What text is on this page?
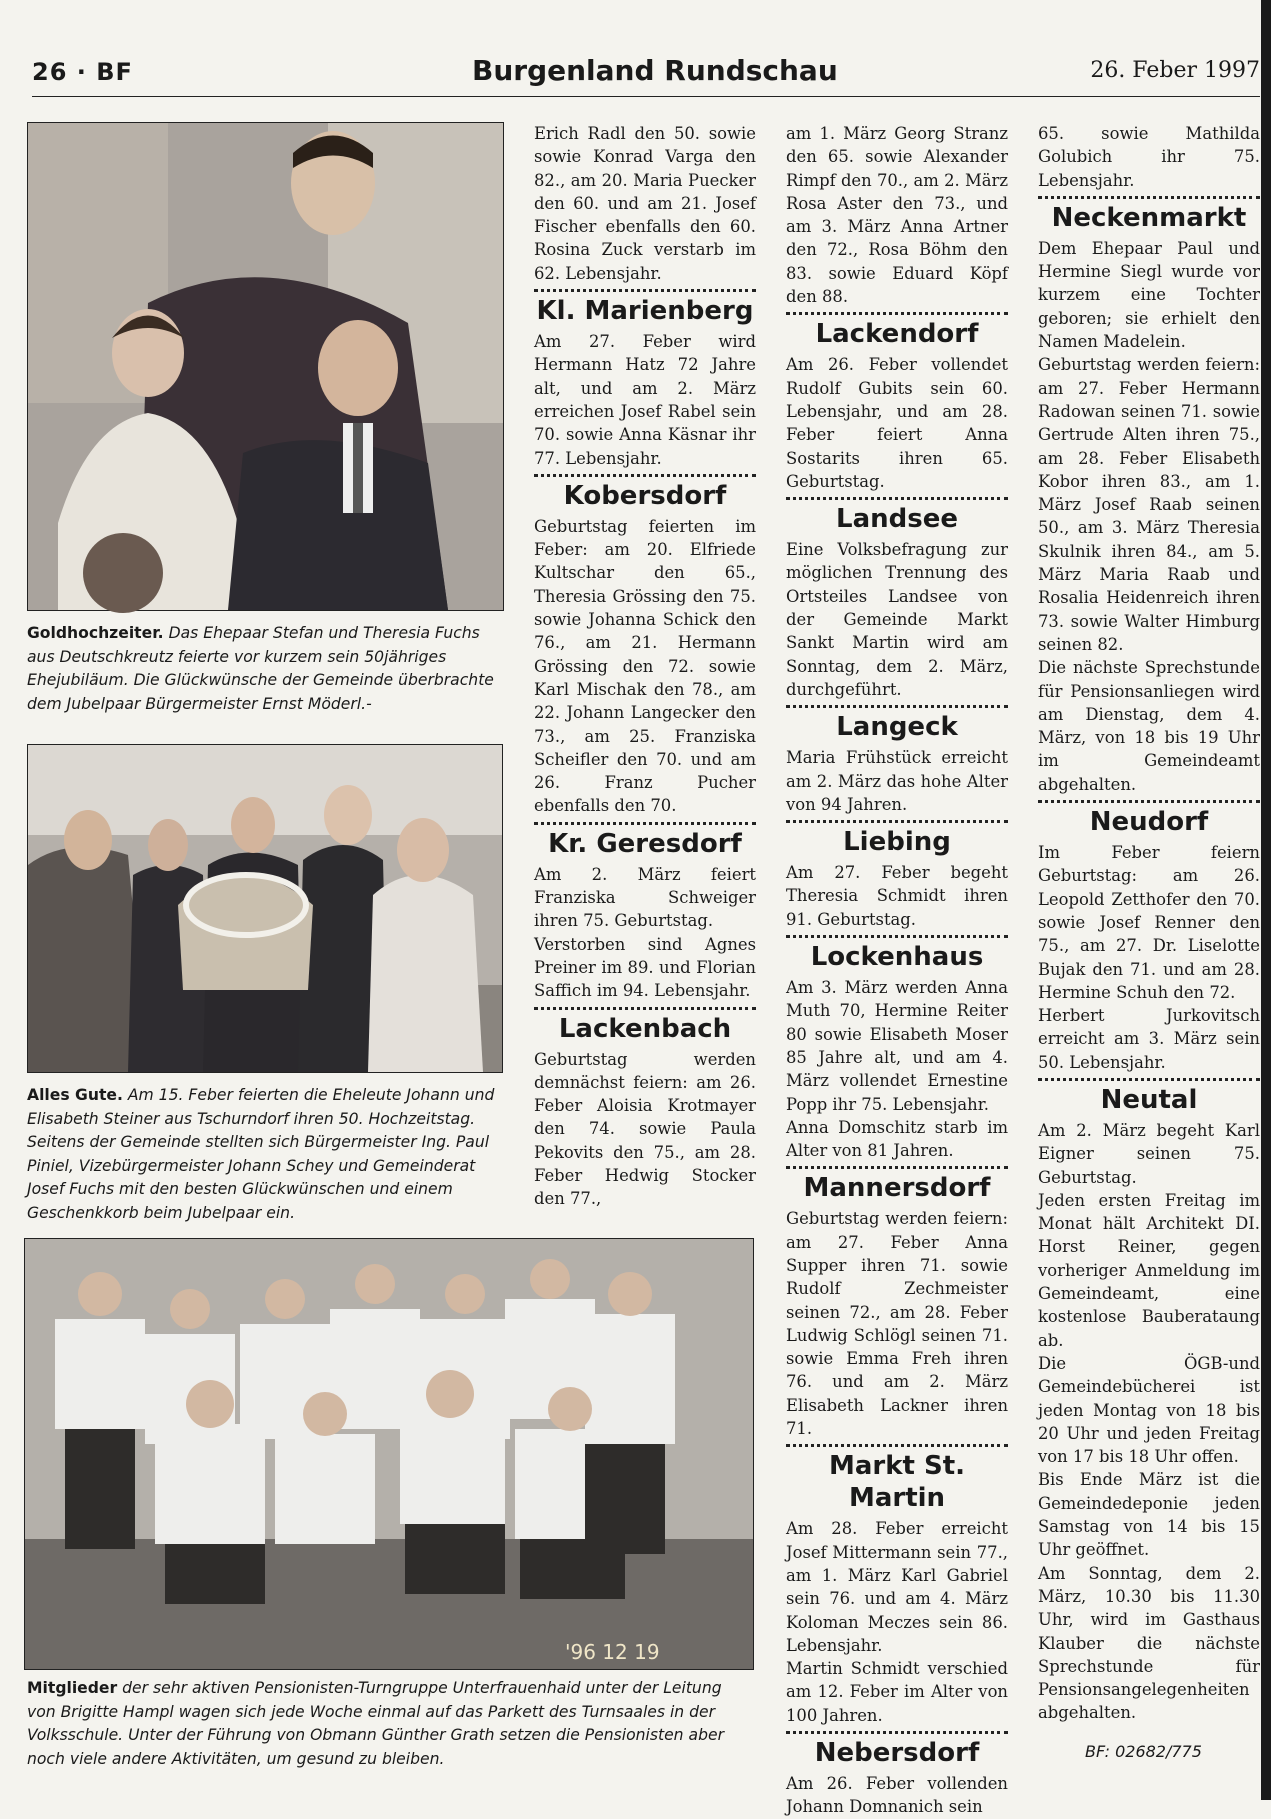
26 · BF	Burgenland Rundschau	26. Feber 1997
Goldhochzeiter. Das Ehepaar Stefan und Theresia Fuchs aus Deutschkreutz feierte vor kurzem sein 50jähriges Ehejubiläum. Die Glückwünsche der Gemeinde überbrachte dem Jubelpaar Bürgermeister Ernst Möderl.-
Alles Gute. Am 15. Feber feierten die Eheleute Johann und Elisabeth Steiner aus Tschurndorf ihren 50. Hochzeitstag. Seitens der Gemeinde stellten sich Bürgermeister Ing. Paul Piniel, Vizebürgermeister Johann Schey und Gemeinderat Josef Fuchs mit den besten Glückwünschen und einem Geschenkkorb beim Jubelpaar ein.
'96 12 19
Mitglieder der sehr aktiven Pensionisten-Turngruppe Unterfrauenhaid unter der Leitung von Brigitte Hampl wagen sich jede Woche einmal auf das Parkett des Turnsaales in der Volksschule. Unter der Führung von Obmann Günther Grath setzen die Pensionisten aber noch viele andere Aktivitäten, um gesund zu bleiben.

Erich Radl den 50. sowie sowie Konrad Varga den 82., am 20. Maria Puecker den 60. und am 21. Josef Fischer ebenfalls den 60. Rosina Zuck verstarb im 62. Lebensjahr.

Kl. Marienberg

Am 27. Feber wird Hermann Hatz 72 Jahre alt, und am 2. März erreichen Josef Rabel sein 70. sowie Anna Käsnar ihr 77. Lebensjahr.

Kobersdorf

Geburtstag feierten im Feber: am 20. Elfriede Kultschar den 65., Theresia Grössing den 75. sowie Johanna Schick den 76., am 21. Hermann Grössing den 72. sowie Karl Mischak den 78., am 22. Johann Langecker den 73., am 25. Franziska Scheifler den 70. und am 26. Franz Pucher ebenfalls den 70.

Kr. Geresdorf

Am 2. März feiert Franziska Schweiger ihren 75. Geburtstag.

Verstorben sind Agnes Preiner im 89. und Florian Saffich im 94. Lebensjahr.

Lackenbach

Geburtstag werden demnächst feiern: am 26. Feber Aloisia Krotmayer den 74. sowie Paula Pekovits den 75., am 28. Feber Hedwig Stocker den 77.,

am 1. März Georg Stranz den 65. sowie Alexander Rimpf den 70., am 2. März Rosa Aster den 73., und am 3. März Anna Artner den 72., Rosa Böhm den 83. sowie Eduard Köpf den 88.

Lackendorf

Am 26. Feber vollendet Rudolf Gubits sein 60. Lebensjahr, und am 28. Feber feiert Anna Sostarits ihren 65. Geburtstag.

Landsee

Eine Volksbefragung zur möglichen Trennung des Ortsteiles Landsee von der Gemeinde Markt Sankt Martin wird am Sonntag, dem 2. März, durchgeführt.

Langeck

Maria Frühstück erreicht am 2. März das hohe Alter von 94 Jahren.

Liebing

Am 27. Feber begeht Theresia Schmidt ihren 91. Geburtstag.

Lockenhaus

Am 3. März werden Anna Muth 70, Hermine Reiter 80 sowie Elisabeth Moser 85 Jahre alt, und am 4. März vollendet Ernestine Popp ihr 75. Lebensjahr.

Anna Domschitz starb im Alter von 81 Jahren.

Mannersdorf

Geburtstag werden feiern: am 27. Feber Anna Supper ihren 71. sowie Rudolf Zechmeister seinen 72., am 28. Feber Ludwig Schlögl seinen 71. sowie Emma Freh ihren 76. und am 2. März Elisabeth Lackner ihren 71.

Markt St. Martin

Am 28. Feber erreicht Josef Mittermann sein 77., am 1. März Karl Gabriel sein 76. und am 4. März Koloman Meczes sein 86. Lebensjahr.

Martin Schmidt verschied am 12. Feber im Alter von 100 Jahren.

Nebersdorf

Am 26. Feber vollenden Johann Domnanich sein

65. sowie Mathilda Golubich ihr 75. Lebensjahr.

Neckenmarkt

Dem Ehepaar Paul und Hermine Siegl wurde vor kurzem eine Tochter geboren; sie erhielt den Namen Madelein.

Geburtstag werden feiern: am 27. Feber Hermann Radowan seinen 71. sowie Gertrude Alten ihren 75., am 28. Feber Elisabeth Kobor ihren 83., am 1. März Josef Raab seinen 50., am 3. März Theresia Skulnik ihren 84., am 5. März Maria Raab und Rosalia Heidenreich ihren 73. sowie Walter Himburg seinen 82.

Die nächste Sprechstunde für Pensionsanliegen wird am Dienstag, dem 4. März, von 18 bis 19 Uhr im Gemeindeamt abgehalten.

Neudorf

Im Feber feiern Geburtstag: am 26. Leopold Zetthofer den 70. sowie Josef Renner den 75., am 27. Dr. Liselotte Bujak den 71. und am 28. Hermine Schuh den 72.

Herbert Jurkovitsch erreicht am 3. März sein 50. Lebensjahr.

Neutal

Am 2. März begeht Karl Eigner seinen 75. Geburtstag.

Jeden ersten Freitag im Monat hält Architekt DI. Horst Reiner, gegen vorheriger Anmeldung im Gemeindeamt, eine kostenlose Bauberataung ab.

Die ÖGB-und Gemeindebücherei ist jeden Montag von 18 bis 20 Uhr und jeden Freitag von 17 bis 18 Uhr offen.

Bis Ende März ist die Gemeindedeponie jeden Samstag von 14 bis 15 Uhr geöffnet.

Am Sonntag, dem 2. März, 10.30 bis 11.30 Uhr, wird im Gasthaus Klauber die nächste Sprechstunde für Pensionsangelegenheiten abgehalten.

BF: 02682/775
